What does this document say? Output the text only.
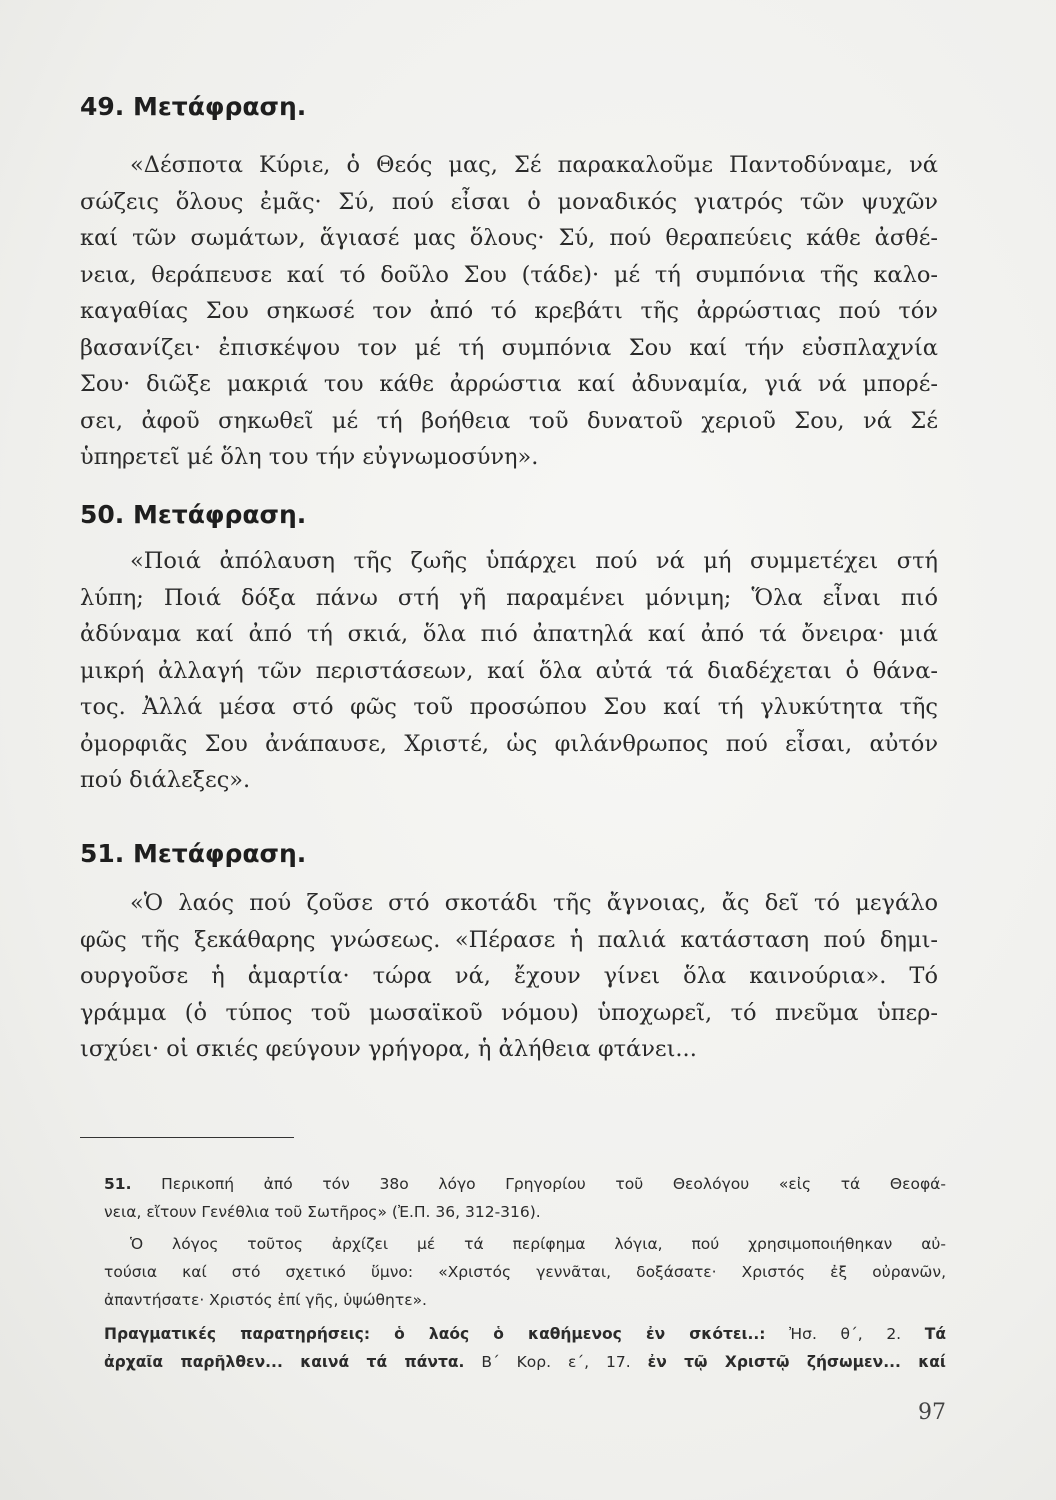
49. Μετάφραση.
«Δέσποτα Κύριε, ὁ Θεός μας, Σέ παρακαλοῦμε Παντοδύναμε, νά
σώζεις ὅλους ἐμᾶς· Σύ, πού εἶσαι ὁ μοναδικός γιατρός τῶν ψυχῶν
καί τῶν σωμάτων, ἅγιασέ μας ὅλους· Σύ, πού θεραπεύεις κάθε ἀσθέ-
νεια, θεράπευσε καί τό δοῦλο Σου (τάδε)· μέ τή συμπόνια τῆς καλο-
καγαθίας Σου σηκωσέ τον ἀπό τό κρεβάτι τῆς ἀρρώστιας πού τόν
βασανίζει· ἐπισκέψου τον μέ τή συμπόνια Σου καί τήν εὐσπλαχνία
Σου· διῶξε μακριά του κάθε ἀρρώστια καί ἀδυναμία, γιά νά μπορέ-
σει, ἀφοῦ σηκωθεῖ μέ τή βοήθεια τοῦ δυνατοῦ χεριοῦ Σου, νά Σέ
ὑπηρετεῖ μέ ὅλη του τήν εὐγνωμοσύνη».
50. Μετάφραση.
«Ποιά ἀπόλαυση τῆς ζωῆς ὑπάρχει πού νά μή συμμετέχει στή
λύπη; Ποιά δόξα πάνω στή γῆ παραμένει μόνιμη; Ὅλα εἶναι πιό
ἀδύναμα καί ἀπό τή σκιά, ὅλα πιό ἀπατηλά καί ἀπό τά ὄνειρα· μιά
μικρή ἀλλαγή τῶν περιστάσεων, καί ὅλα αὐτά τά διαδέχεται ὁ θάνα-
τος. Ἀλλά μέσα στό φῶς τοῦ προσώπου Σου καί τή γλυκύτητα τῆς
ὀμορφιᾶς Σου ἀνάπαυσε, Χριστέ, ὡς φιλάνθρωπος πού εἶσαι, αὐτόν
πού διάλεξες».
51. Μετάφραση.
«Ὁ λαός πού ζοῦσε στό σκοτάδι τῆς ἄγνοιας, ἄς δεῖ τό μεγάλο
φῶς τῆς ξεκάθαρης γνώσεως. «Πέρασε ἡ παλιά κατάσταση πού δημι-
ουργοῦσε ἡ ἁμαρτία· τώρα νά, ἔχουν γίνει ὅλα καινούρια». Τό
γράμμα (ὁ τύπος τοῦ μωσαϊκοῦ νόμου) ὑποχωρεῖ, τό πνεῦμα ὑπερ-
ισχύει· οἱ σκιές φεύγουν γρήγορα, ἡ ἀλήθεια φτάνει...
51. Περικοπή ἀπό τόν 38ο λόγο Γρηγορίου τοῦ Θεολόγου «εἰς τά Θεοφά-
νεια, εἴτουν Γενέθλια τοῦ Σωτῆρος» (Ἐ.Π. 36, 312-316).
Ὁ λόγος τοῦτος ἀρχίζει μέ τά περίφημα λόγια, πού χρησιμοποιήθηκαν αὐ-
τούσια καί στό σχετικό ὕμνο: «Χριστός γεννᾶται, δοξάσατε· Χριστός ἐξ οὐρανῶν,
ἀπαντήσατε· Χριστός ἐπί γῆς, ὑψώθητε».
Πραγματικές παρατηρήσεις: ὁ λαός ὁ καθήμενος ἐν σκότει..: Ἠσ. θ΄, 2. Τά
ἀρχαῖα παρῆλθεν... καινά τά πάντα. Β΄ Κορ. ε΄, 17. ἐν τῷ Χριστῷ ζήσωμεν... καί
97
